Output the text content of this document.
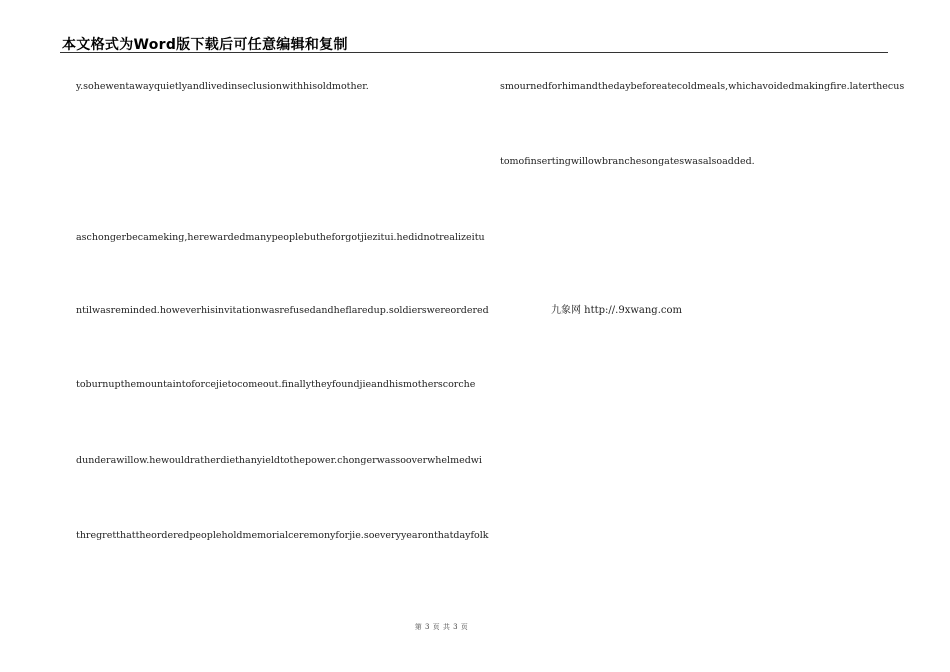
本文格式为Word版下载后可任意编辑和复制
y.sohewentawayquietlyandlivedinseclusionwithhisoldmother.
aschongerbecameking,herewardedmanypeoplebutheforgotjiezitui.hedidnotrealizeitu
ntilwasreminded.howeverhisinvitationwasrefusedandheflaredup.soldierswereordered
toburnupthemountaintoforcejietocomeout.finallytheyfoundjieandhismotherscorche
dunderawillow.hewouldratherdiethanyieldtothepower.chongerwassooverwhelmedwi
thregretthattheorderedpeopleholdmemorialceremonyforjie.soeveryyearonthatdayfolk
smournedforhimandthedaybeforeatecoldmeals,whichavoidedmakingfire.laterthecus
tomofinsertingwillowbranchesongateswasalsoadded.
九象网 http://.9xwang.com
第 3 页 共 3 页
